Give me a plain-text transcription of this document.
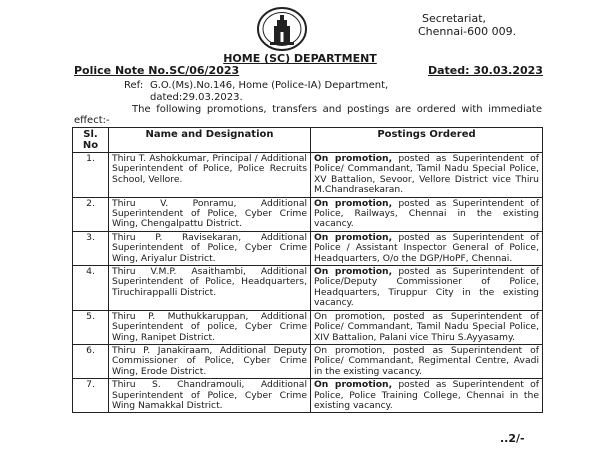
Secretariat,
Chennai-600 009.
HOME (SC) DEPARTMENT
Police Note No.SC/06/2023	Dated: 30.03.2023
Ref: G.O.(Ms).No.146, Home (Police-IA) Department,
dated:29.03.2023.
The following promotions, transfers and postings are ordered with immediate effect:-
Sl. No	Name and Designation	Postings Ordered
1.	Thiru T. Ashokkumar, Principal / Additional Superintendent of Police, Police Recruits School, Vellore.	On promotion, posted as Superintendent of Police/ Commandant, Tamil Nadu Special Police, XV Battalion, Sevoor, Vellore District vice Thiru M.Chandrasekaran.
2.	Thiru V. Ponramu, Additional Superintendent of Police, Cyber Crime Wing, Chengalpattu District.	On promotion, posted as Superintendent of Police, Railways, Chennai in the existing vacancy.
3.	Thiru P. Ravisekaran, Additional Superintendent of Police, Cyber Crime Wing, Ariyalur District.	On promotion, posted as Superintendent of Police / Assistant Inspector General of Police, Headquarters, O/o the DGP/HoPF, Chennai.
4.	Thiru V.M.P. Asaithambi, Additional Superintendent of Police, Headquarters, Tiruchirappalli District.	On promotion, posted as Superintendent of Police/Deputy Commissioner of Police, Headquarters, Tiruppur City in the existing vacancy.
5.	Thiru P. Muthukkaruppan, Additional Superintendent of police, Cyber Crime Wing, Ranipet District.	On promotion, posted as Superintendent of Police/ Commandant, Tamil Nadu Special Police, XIV Battalion, Palani vice Thiru S.Ayyasamy.
6.	Thiru P. Janakiraam, Additional Deputy Commissioner of Police, Cyber Crime Wing, Erode District.	On promotion, posted as Superintendent of Police/ Commandant, Regimental Centre, Avadi in the existing vacancy.
7.	Thiru S. Chandramouli, Additional Superintendent of Police, Cyber Crime Wing Namakkal District.	On promotion, posted as Superintendent of Police, Police Training College, Chennai in the existing vacancy.
..2/-
